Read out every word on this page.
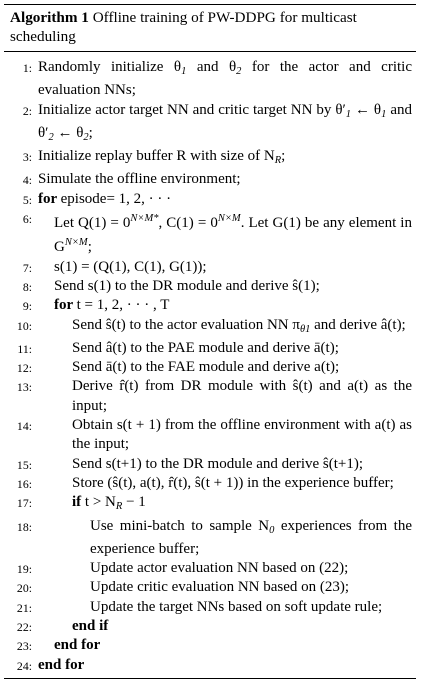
Algorithm 1 Offline training of PW-DDPG for multicast scheduling
1: Randomly initialize $\theta_1$ and $\theta_2$ for the actor and critic evaluation NNs;
2: Initialize actor target NN and critic target NN by $\theta'_1$ ← $\theta_1$ and $\theta'_2$ ← $\theta_2$;
3: Initialize replay buffer R with size of $N_R$;
4: Simulate the offline environment;
5: for episode= 1, 2, · · ·
6: Let $Q(1) = 0^{N\times M*}$, $C(1) = 0^{N\times M}$. Let G(1) be any element in $G^{N\times M}$;
7: s(1) = (Q(1), C(1), G(1));
8: Send s(1) to the DR module and derive ŝ(1);
9: for t = 1, 2, · · · , T
10:	Send ŝ(t) to the actor evaluation NN $\pi_{\theta 1}$ and derive â(t);
11:	Send â(t) to the PAE module and derive ā(t);
12:	Send ā(t) to the FAE module and derive a(t);
13:	Derive r̂(t) from DR module with ŝ(t) and a(t) as the input;
14:	Obtain s(t + 1) from the offline environment with a(t) as the input;
15:	Send s(t+1) to the DR module and derive ŝ(t+1);
16:	Store (ŝ(t), a(t), r̂(t), ŝ(t + 1)) in the experience buffer;
17:	if $t > N_R - 1$
18:	Use mini-batch to sample $N_0$ experiences from the experience buffer;
19:	Update actor evaluation NN based on (22);
20:	Update critic evaluation NN based on (23);
21:	Update the target NNs based on soft update rule;
22:	end if
23: end for
24: end for
